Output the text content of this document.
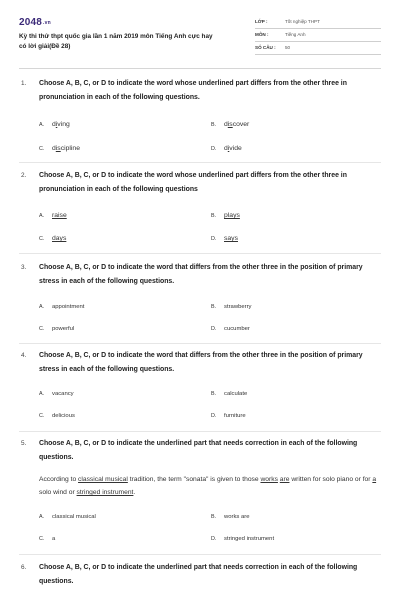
2048.vn
Kỳ thi thử thpt quốc gia lần 1 năm 2019 môn Tiếng Anh cực hay có lời giải(Đề 28)
LỚP :	Tốt nghiệp THPT
MÔN :	Tiếng Anh
SỐ CÂU : 50
1. Choose A, B, C, or D to indicate the word whose underlined part differs from the other three in pronunciation in each of the following questions.
A. diving	B. discover
C. discipline	D. divide
2. Choose A, B, C, or D to indicate the word whose underlined part differs from the other three in pronunciation in each of the following questions
A. raise	B. plays
C. days	D. says
3. Choose A, B, C, or D to indicate the word that differs from the other three in the position of primary stress in each of the following questions.
A. appointment	B. strawberry
C. powerful	D. cucumber
4. Choose A, B, C, or D to indicate the word that differs from the other three in the position of primary stress in each of the following questions.
A. vacancy	B. calculate
C. delicious	D. furniture
5. Choose A, B, C, or D to indicate the underlined part that needs correction in each of the following questions.
According to classical musical tradition, the term "sonata" is given to those works are written for solo piano or for a solo wind or stringed instrument.
A. classical musical	B. works are
C. a	D. stringed instrument
6. Choose A, B, C, or D to indicate the underlined part that needs correction in each of the following questions.
